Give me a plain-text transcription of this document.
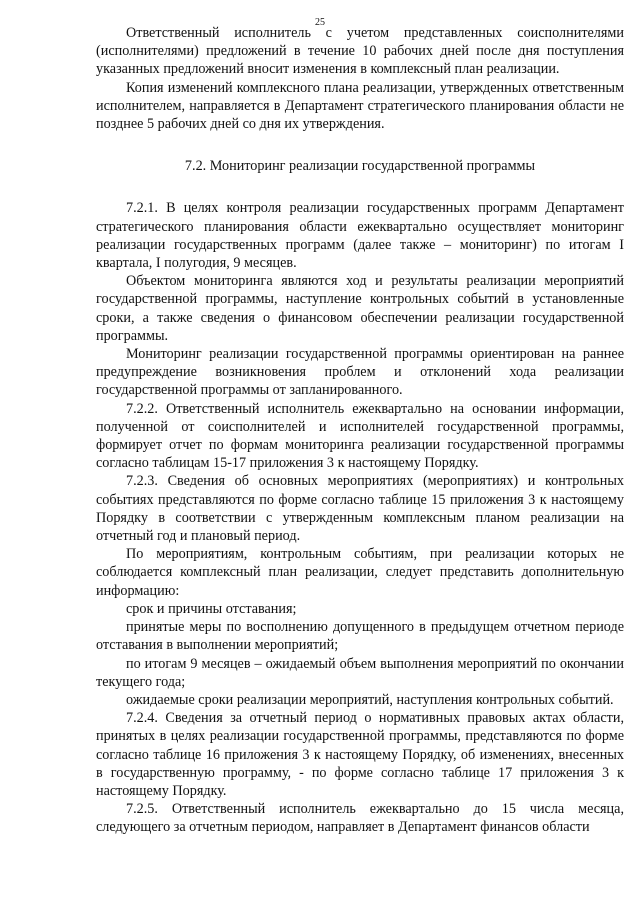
25

Ответственный исполнитель с учетом представленных соисполнителями (исполнителями) предложений в течение 10 рабочих дней после дня поступления указанных предложений вносит изменения в комплексный план реализации.

Копия изменений комплексного плана реализации, утвержденных ответственным исполнителем, направляется в Департамент стратегического планирования области не позднее 5 рабочих дней со дня их утверждения.

7.2. Мониторинг реализации государственной программы

7.2.1. В целях контроля реализации государственных программ Департамент стратегического планирования области ежеквартально осуществляет мониторинг реализации государственных программ (далее также – мониторинг) по итогам I квартала, I полугодия, 9 месяцев.

Объектом мониторинга являются ход и результаты реализации мероприятий государственной программы, наступление контрольных событий в установленные сроки, а также сведения о финансовом обеспечении реализации государственной программы.

Мониторинг реализации государственной программы ориентирован на раннее предупреждение возникновения проблем и отклонений хода реализации государственной программы от запланированного.

7.2.2. Ответственный исполнитель ежеквартально на основании информации, полученной от соисполнителей и исполнителей государственной программы, формирует отчет по формам мониторинга реализации государственной программы согласно таблицам 15-17 приложения 3 к настоящему Порядку.

7.2.3. Сведения об основных мероприятиях (мероприятиях) и контрольных событиях представляются по форме согласно таблице 15 приложения 3 к настоящему Порядку в соответствии с утвержденным комплексным планом реализации на отчетный год и плановый период.

По мероприятиям, контрольным событиям, при реализации которых не соблюдается комплексный план реализации, следует представить дополнительную информацию:

срок и причины отставания;

принятые меры по восполнению допущенного в предыдущем отчетном периоде отставания в выполнении мероприятий;

по итогам 9 месяцев – ожидаемый объем выполнения мероприятий по окончании текущего года;

ожидаемые сроки реализации мероприятий, наступления контрольных событий.

7.2.4. Сведения за отчетный период о нормативных правовых актах области, принятых в целях реализации государственной программы, представляются по форме согласно таблице 16 приложения 3 к настоящему Порядку, об изменениях, внесенных в государственную программу, - по форме согласно таблице 17 приложения 3 к настоящему Порядку.

7.2.5. Ответственный исполнитель ежеквартально до 15 числа месяца, следующего за отчетным периодом, направляет в Департамент финансов области
